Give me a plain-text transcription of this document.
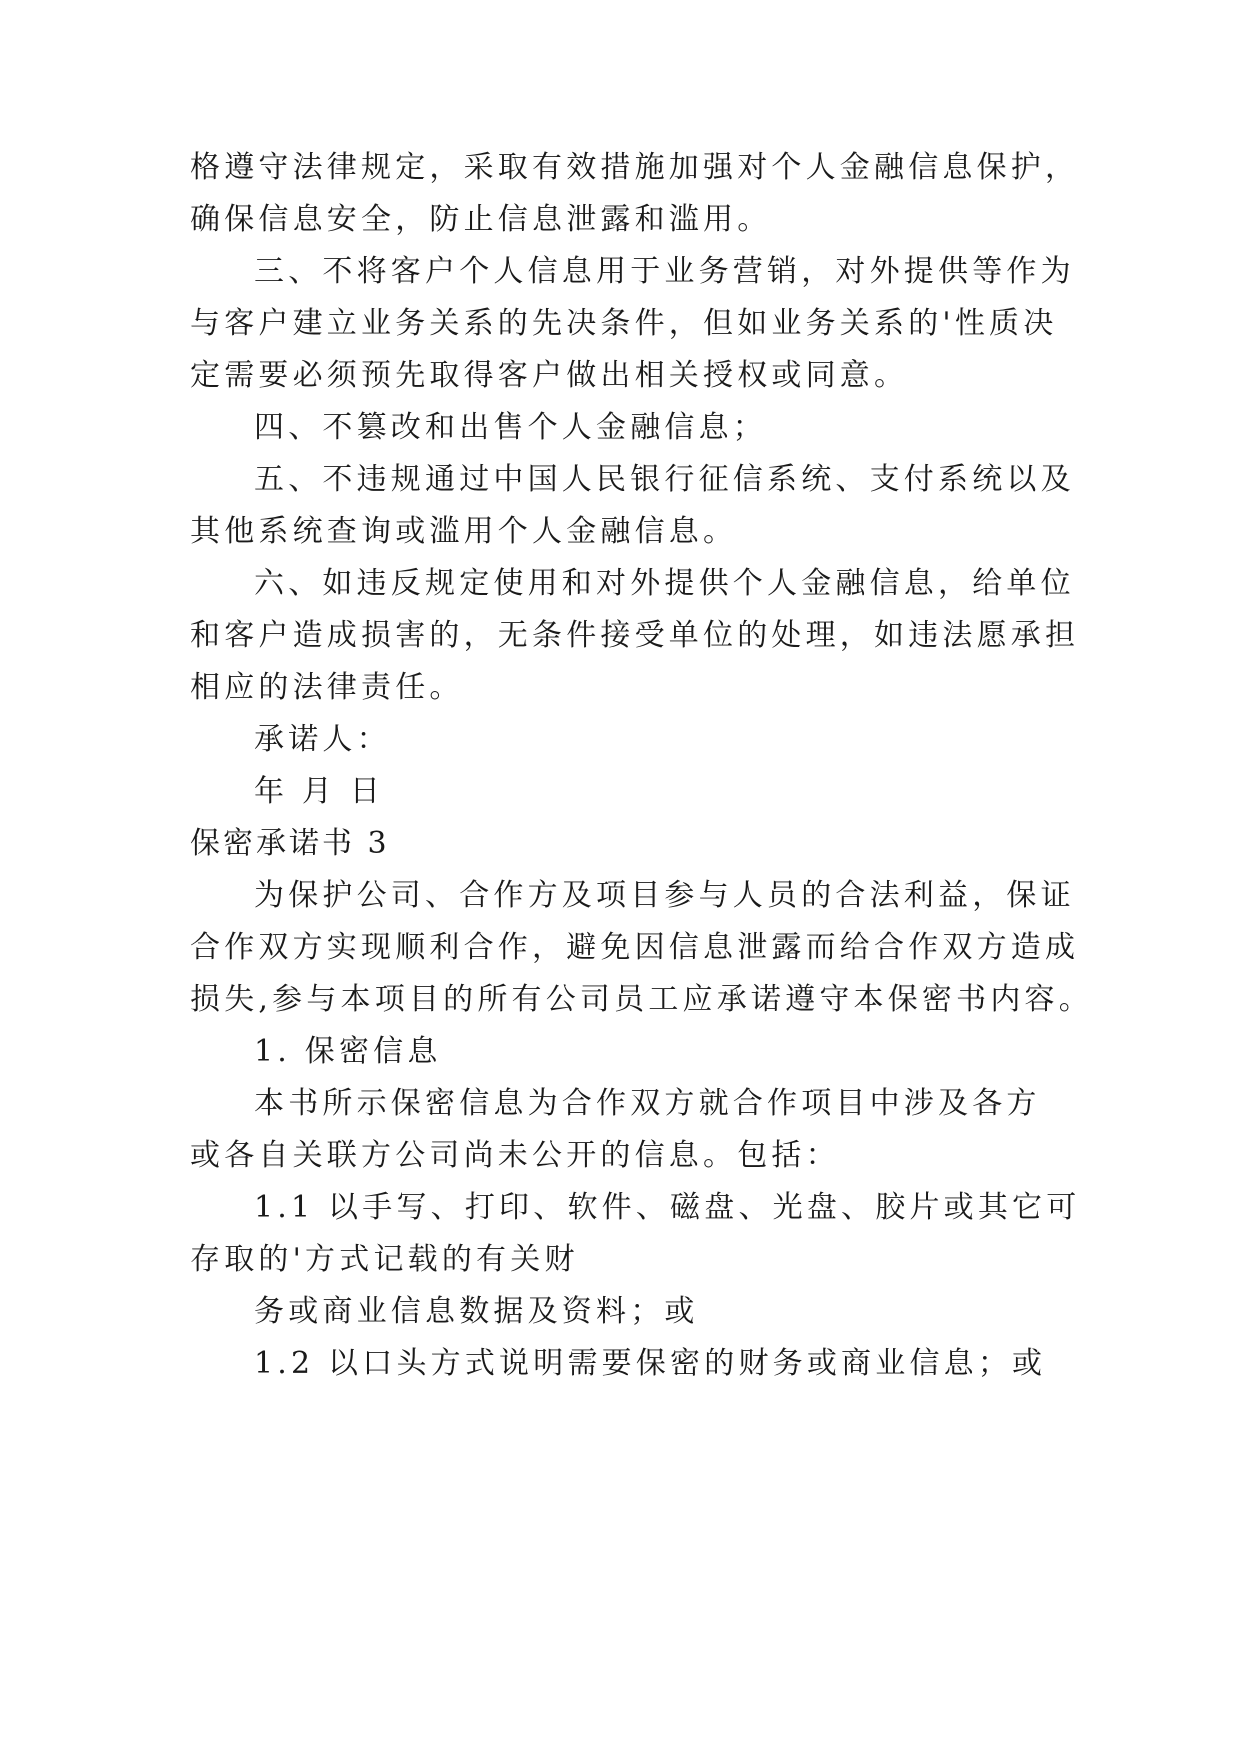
格遵守法律规定，采取有效措施加强对个人金融信息保护，
确保信息安全，防止信息泄露和滥用。
三、不将客户个人信息用于业务营销，对外提供等作为
与客户建立业务关系的先决条件，但如业务关系的'性质决
定需要必须预先取得客户做出相关授权或同意。
四、不篡改和出售个人金融信息；
五、不违规通过中国人民银行征信系统、支付系统以及
其他系统查询或滥用个人金融信息。
六、如违反规定使用和对外提供个人金融信息，给单位
和客户造成损害的，无条件接受单位的处理，如违法愿承担
相应的法律责任。
承诺人：
年 月 日
保密承诺书 3
为保护公司、合作方及项目参与人员的合法利益，保证
合作双方实现顺利合作，避免因信息泄露而给合作双方造成
损失,参与本项目的所有公司员工应承诺遵守本保密书内容。
1. 保密信息
本书所示保密信息为合作双方就合作项目中涉及各方
或各自关联方公司尚未公开的信息。包括：
1.1 以手写、打印、软件、磁盘、光盘、胶片或其它可
存取的'方式记载的有关财
务或商业信息数据及资料；或
1.2 以口头方式说明需要保密的财务或商业信息；或
